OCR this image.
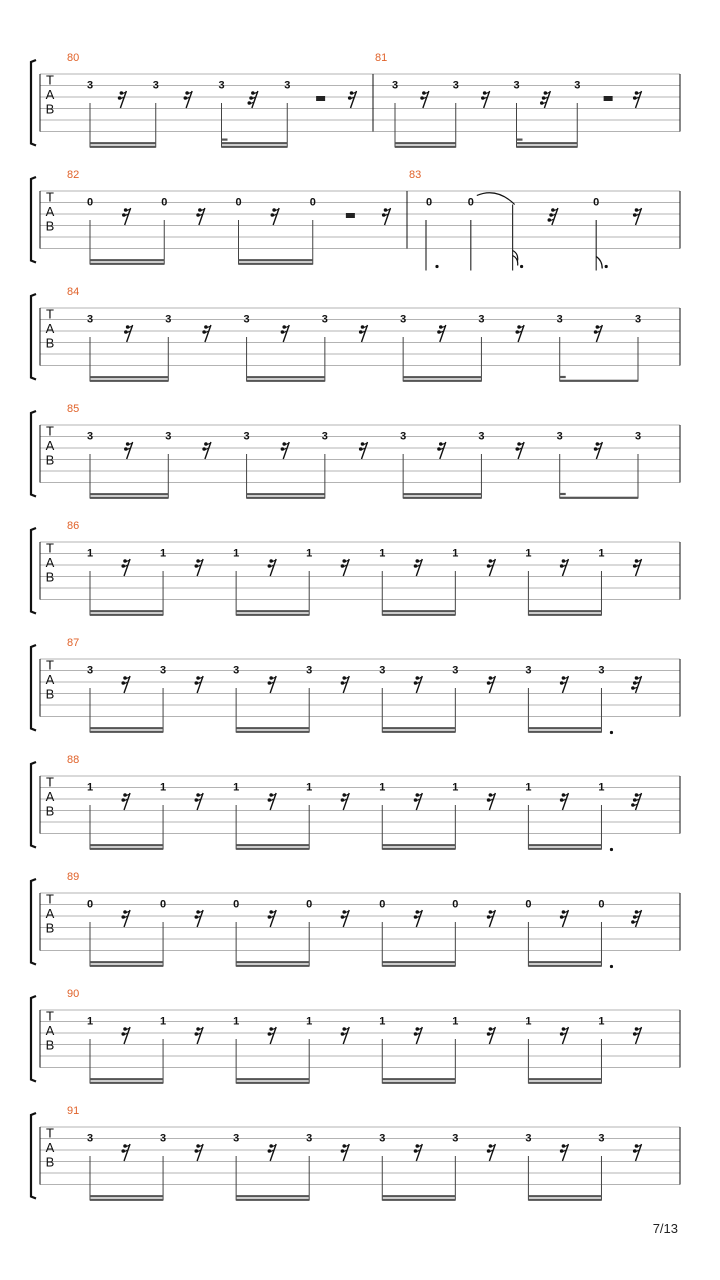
T
A
B
80
3	3	3	3
81
3	3	3	3
T
A
B
82
0	0	0	0
83
0	0	0
T
A
B
84
3	3	3	3	3	3	3	3
T
A
B
85
3	3	3	3	3	3	3	3
T
A
B
86
1	1	1	1	1	1	1	1
T
A
B
87
3	3	3	3	3	3	3	3
T
A
B
88
1	1	1	1	1	1	1	1
T
A
B
89
0	0	0	0	0	0	0	0
T
A
B
90
1	1	1	1	1	1	1	1
T
A
B
91
3	3	3	3	3	3	3	3
7/13
